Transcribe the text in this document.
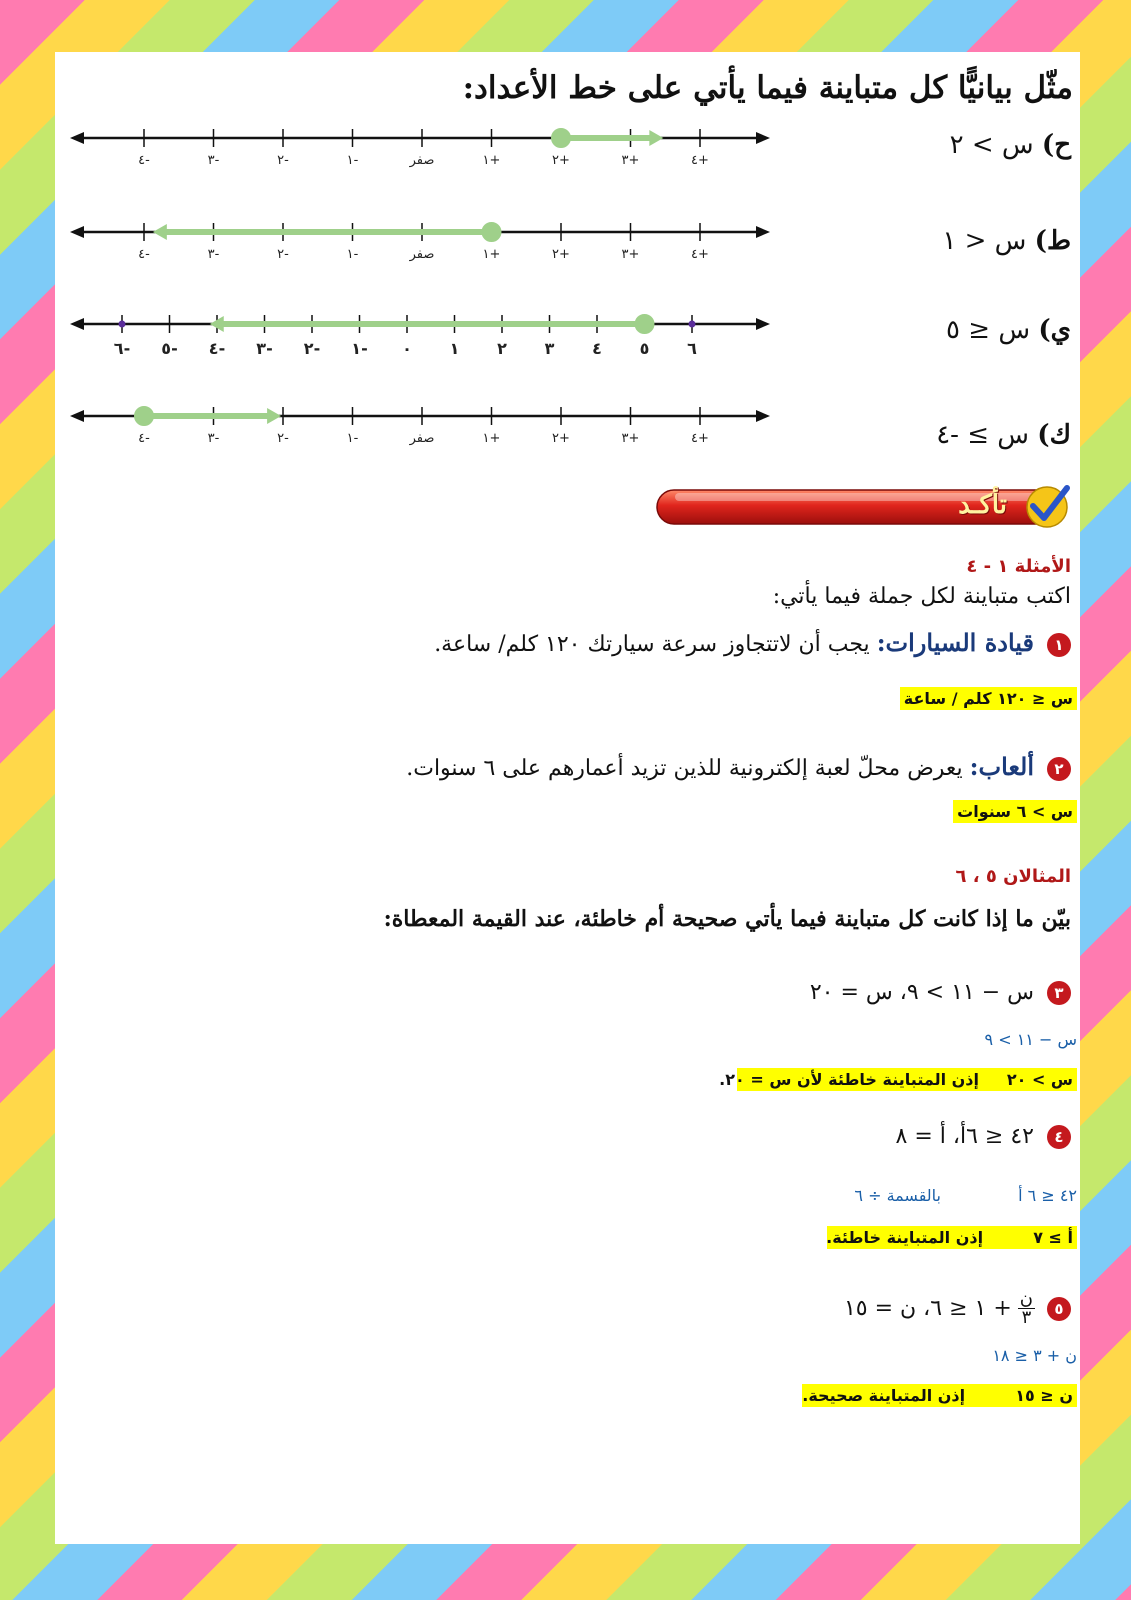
مثّل بيانيًّا كل متباينة فيما يأتي على خط الأعداد:
ح) س > ٢
-٤	-٣	-٢	-١	صفر	+١	+٢	+٣	+٤
ط) س < ١
-٤	-٣	-٢	-١	صفر	+١	+٢	+٣	+٤
ي) س ≤ ٥
-٦ -٥ -٤ -٣ -٢ -١ ٠ ١ ٢ ٣ ٤ ٥ ٦
ك) س ≥ -٤
-٤	-٣	-٢	-١	صفر	+١	+٢	+٣	+٤
تأكـد
الأمثلة ١ - ٤
اكتب متباينة لكل جملة فيما يأتي:
١ قيادة السيارات: يجب أن لاتتجاوز سرعة سيارتك ١٢٠ كلم/ ساعة.
س ≤ ١٢٠ كلم / ساعة
٢ ألعاب: يعرض محلّ لعبة إلكترونية للذين تزيد أعمارهم على ٦ سنوات.
س > ٦ سنوات
المثالان ٥ ، ٦
بيّن ما إذا كانت كل متباينة فيما يأتي صحيحة أم خاطئة، عند القيمة المعطاة:
٣ س − ١١ > ٩، س = ٢٠
س − ١١ > ٩
س > ٢٠     إذن المتباينة خاطئة لأن س = ٢٠.
٤ ٤٢ ≤ ٦أ، أ = ٨
٤٢ ≤ ٦ أ
بالقسمة ÷ ٦
أ ≥ ٧         إذن المتباينة خاطئة.
٥
ن
٣
+ ١ ≤ ٦، ن = ١٥
ن + ٣ ≤ ١٨
ن ≤ ١٥         إذن المتباينة صحيحة.
